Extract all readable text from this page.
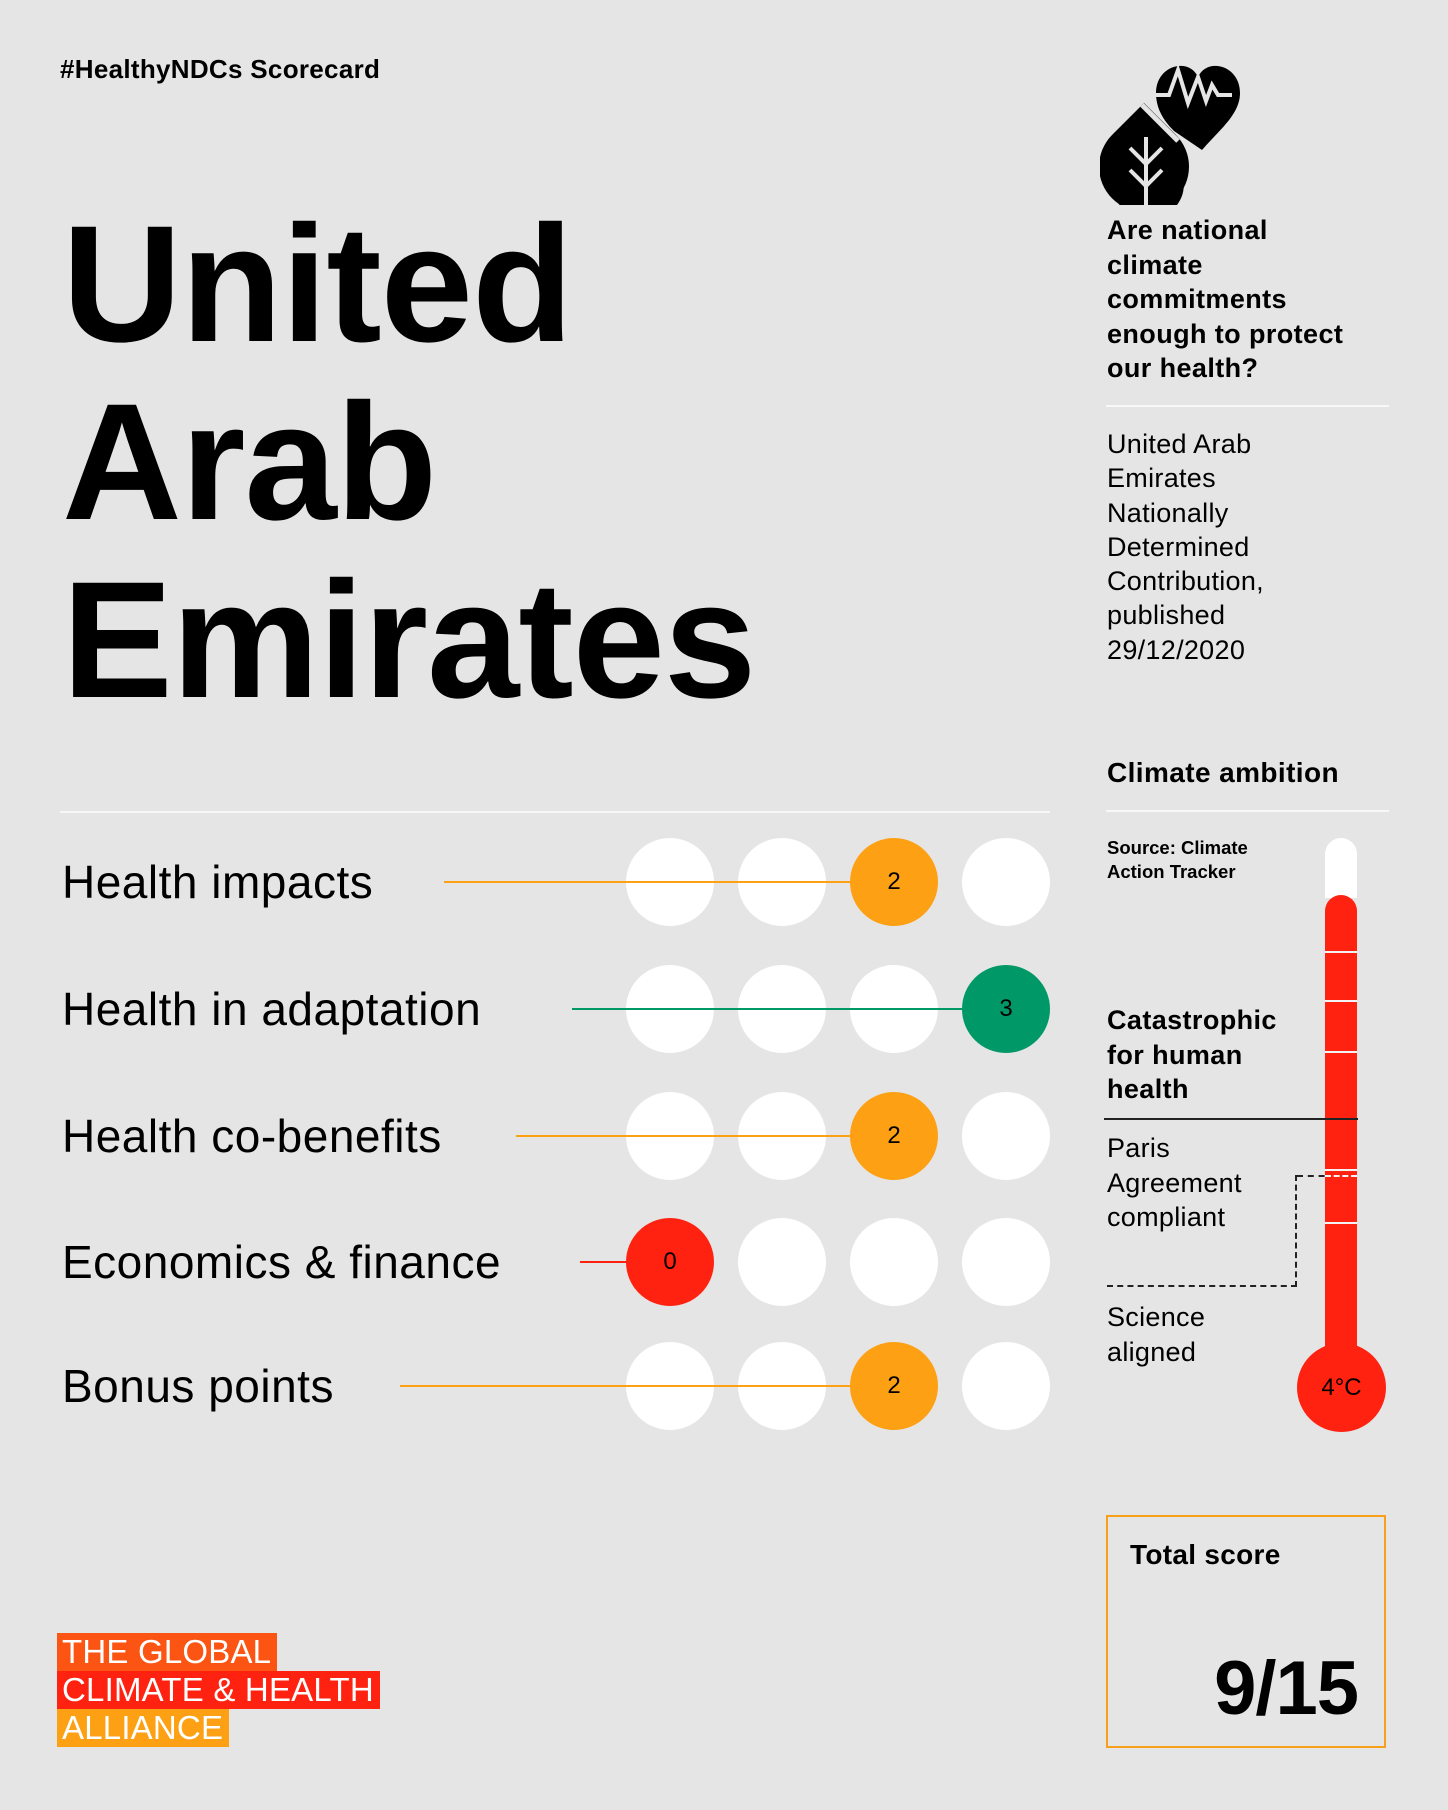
#HealthyNDCs Scorecard
United
Arab
Emirates
Health impacts	2
Health in adaptation	3
Health co-benefits	2
Economics & finance	0
Bonus points	2
Are national
climate
commitments
enough to protect
our health?
United Arab
Emirates
Nationally
Determined
Contribution,
published
29/12/2020
Climate ambition
Source: Climate
Action Tracker
Catastrophic
for human
health
Paris
Agreement
compliant
Science
aligned
4°C
Total score
9/15
THE GLOBAL
CLIMATE & HEALTH
ALLIANCE
